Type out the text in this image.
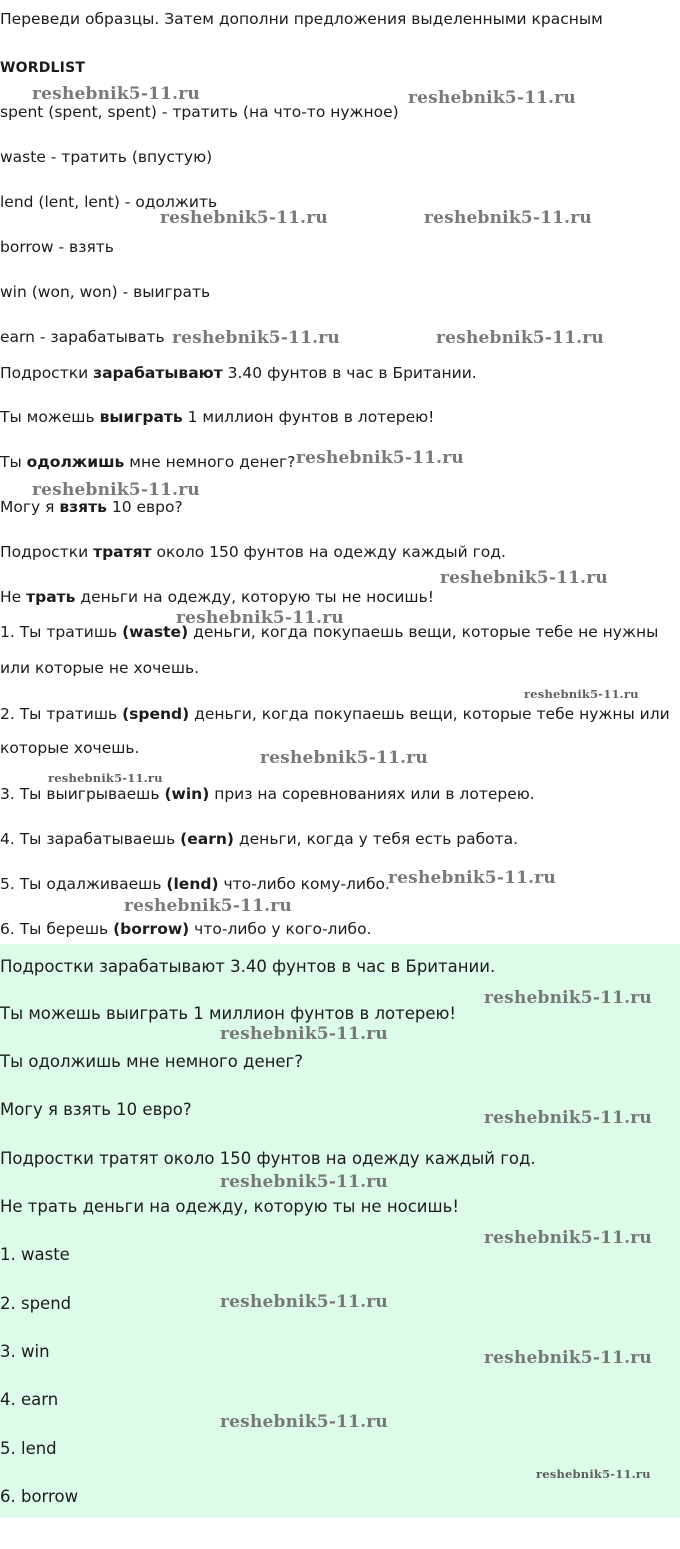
Переведи образцы. Затем дополни предложения выделенными красным
WORDLIST
spent (spent, spent) - тратить (на что-то нужное)
waste - тратить (впустую)
lend (lent, lent) - одолжить
borrow - взять
win (won, won) - выиграть
earn - зарабатывать
Подростки зарабатывают 3.40 фунтов в час в Британии.
Ты можешь выиграть 1 миллион фунтов в лотерею!
Ты одолжишь мне немного денег?
Могу я взять 10 евро?
Подростки тратят около 150 фунтов на одежду каждый год.
Не трать деньги на одежду, которую ты не носишь!
1. Ты тратишь (waste) деньги, когда покупаешь вещи, которые тебе не нужны
или которые не хочешь.
2. Ты тратишь (spend) деньги, когда покупаешь вещи, которые тебе нужны или
которые хочешь.
3. Ты выигрываешь (win) приз на соревнованиях или в лотерею.
4. Ты зарабатываешь (earn) деньги, когда у тебя есть работа.
5. Ты одалживаешь (lend) что-либо кому-либо.
6. Ты берешь (borrow) что-либо у кого-либо.
Подростки зарабатывают 3.40 фунтов в час в Британии.
Ты можешь выиграть 1 миллион фунтов в лотерею!
Ты одолжишь мне немного денег?
Могу я взять 10 евро?
Подростки тратят около 150 фунтов на одежду каждый год.
Не трать деньги на одежду, которую ты не носишь!
1. waste
2. spend
3. win
4. earn
5. lend
6. borrow
reshebnik5-11.ru	reshebnik5-11.ru
reshebnik5-11.ru	reshebnik5-11.ru
reshebnik5-11.ru	reshebnik5-11.ru
reshebnik5-11.ru
reshebnik5-11.ru
reshebnik5-11.ru
reshebnik5-11.ru
reshebnik5-11.ru
reshebnik5-11.ru
reshebnik5-11.ru
reshebnik5-11.ru
reshebnik5-11.ru
reshebnik5-11.ru
reshebnik5-11.ru
reshebnik5-11.ru
reshebnik5-11.ru
reshebnik5-11.ru
reshebnik5-11.ru
reshebnik5-11.ru
reshebnik5-11.ru
reshebnik5-11.ru
